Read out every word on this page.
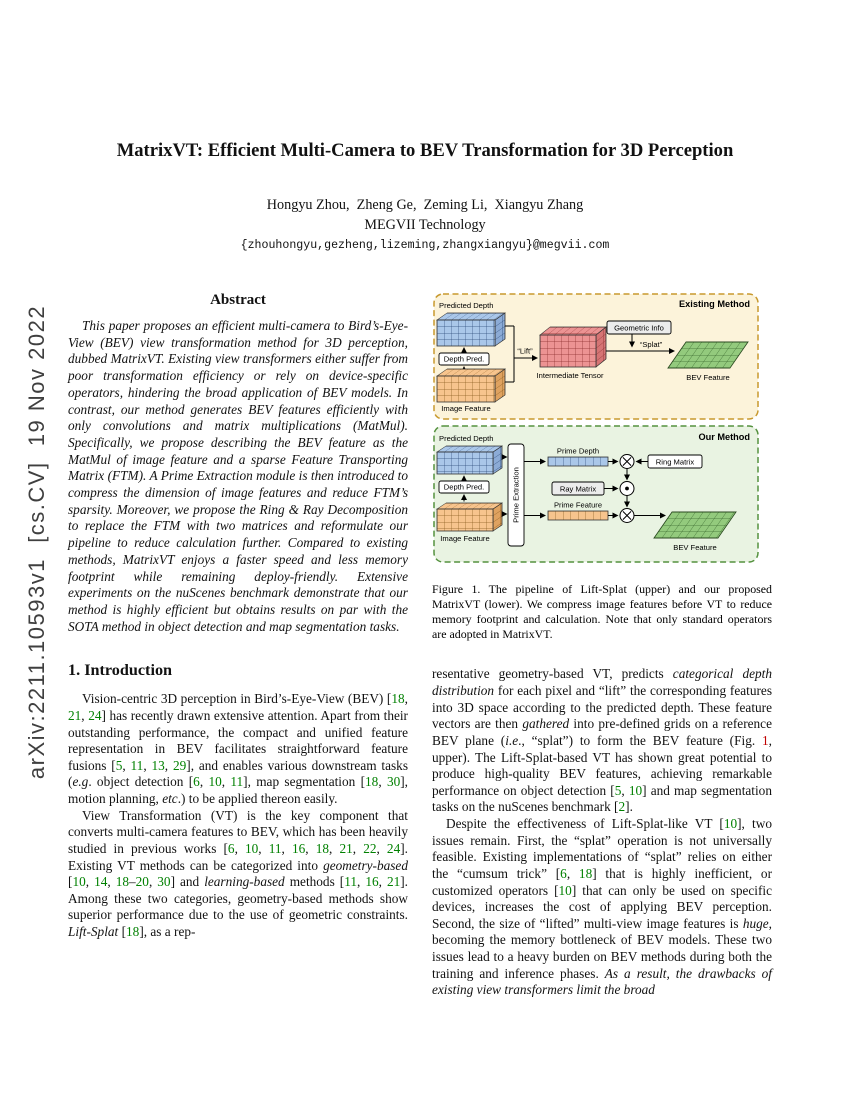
arXiv:2211.10593v1  [cs.CV]  19 Nov 2022
MatrixVT: Efficient Multi-Camera to BEV Transformation for 3D Perception
Hongyu Zhou,  Zheng Ge,  Zeming Li,  Xiangyu Zhang
MEGVII Technology
{zhouhongyu,gezheng,lizeming,zhangxiangyu}@megvii.com
Abstract

This paper proposes an efficient multi-camera to Bird’s-Eye-View (BEV) view transformation method for 3D perception, dubbed MatrixVT. Existing view transformers either suffer from poor transformation efficiency or rely on device-specific operators, hindering the broad application of BEV models. In contrast, our method generates BEV features efficiently with only convolutions and matrix multiplications (MatMul). Specifically, we propose describing the BEV feature as the MatMul of image feature and a sparse Feature Transporting Matrix (FTM). A Prime Extraction module is then introduced to compress the dimension of image features and reduce FTM’s sparsity. Moreover, we propose the Ring & Ray Decomposition to replace the FTM with two matrices and reformulate our pipeline to reduce calculation further. Compared to existing methods, MatrixVT enjoys a faster speed and less memory footprint while remaining deploy-friendly. Extensive experiments on the nuScenes benchmark demonstrate that our method is highly efficient but obtains results on par with the SOTA method in object detection and map segmentation tasks.

1. Introduction

Vision-centric 3D perception in Bird’s-Eye-View (BEV) [18, 21, 24] has recently drawn extensive attention. Apart from their outstanding performance, the compact and unified feature representation in BEV facilitates straightforward feature fusions [5, 11, 13, 29], and enables various downstream tasks (e.g. object detection [6, 10, 11], map segmentation [18, 30], motion planning, etc.) to be applied thereon easily.

View Transformation (VT) is the key component that converts multi-camera features to BEV, which has been heavily studied in previous works [6, 10, 11, 16, 18, 21, 22, 24]. Existing VT methods can be categorized into geometry-based [10, 14, 18–20, 30] and learning-based methods [11, 16, 21]. Among these two categories, geometry-based methods show superior performance due to the use of geometric constraints. Lift-Splat [18], as a rep-

Existing Method
Predicted Depth
Depth Pred.
Image Feature
“Lift”
Intermediate Tensor
Geometric Info
“Splat”
BEV Feature
Our Method
Predicted Depth
Depth Pred.
Image Feature
Prime Extraction
Prime Depth
Ring Matrix
Ray Matrix
Prime Feature
BEV Feature
Figure 1. The pipeline of Lift-Splat (upper) and our proposed MatrixVT (lower). We compress image features before VT to reduce memory footprint and calculation. Note that only standard operators are adopted in MatrixVT.

resentative geometry-based VT, predicts categorical depth distribution for each pixel and “lift” the corresponding features into 3D space according to the predicted depth. These feature vectors are then gathered into pre-defined grids on a reference BEV plane (i.e., “splat”) to form the BEV feature (Fig. 1, upper). The Lift-Splat-based VT has shown great potential to produce high-quality BEV features, achieving remarkable performance on object detection [5, 10] and map segmentation tasks on the nuScenes benchmark [2].

Despite the effectiveness of Lift-Splat-like VT [10], two issues remain. First, the “splat” operation is not universally feasible. Existing implementations of “splat” relies on either the “cumsum trick” [6, 18] that is highly inefficient, or customized operators [10] that can only be used on specific devices, increases the cost of applying BEV perception. Second, the size of “lifted” multi-view image features is huge, becoming the memory bottleneck of BEV models. These two issues lead to a heavy burden on BEV methods during both the training and inference phases. As a result, the drawbacks of existing view transformers limit the broad
